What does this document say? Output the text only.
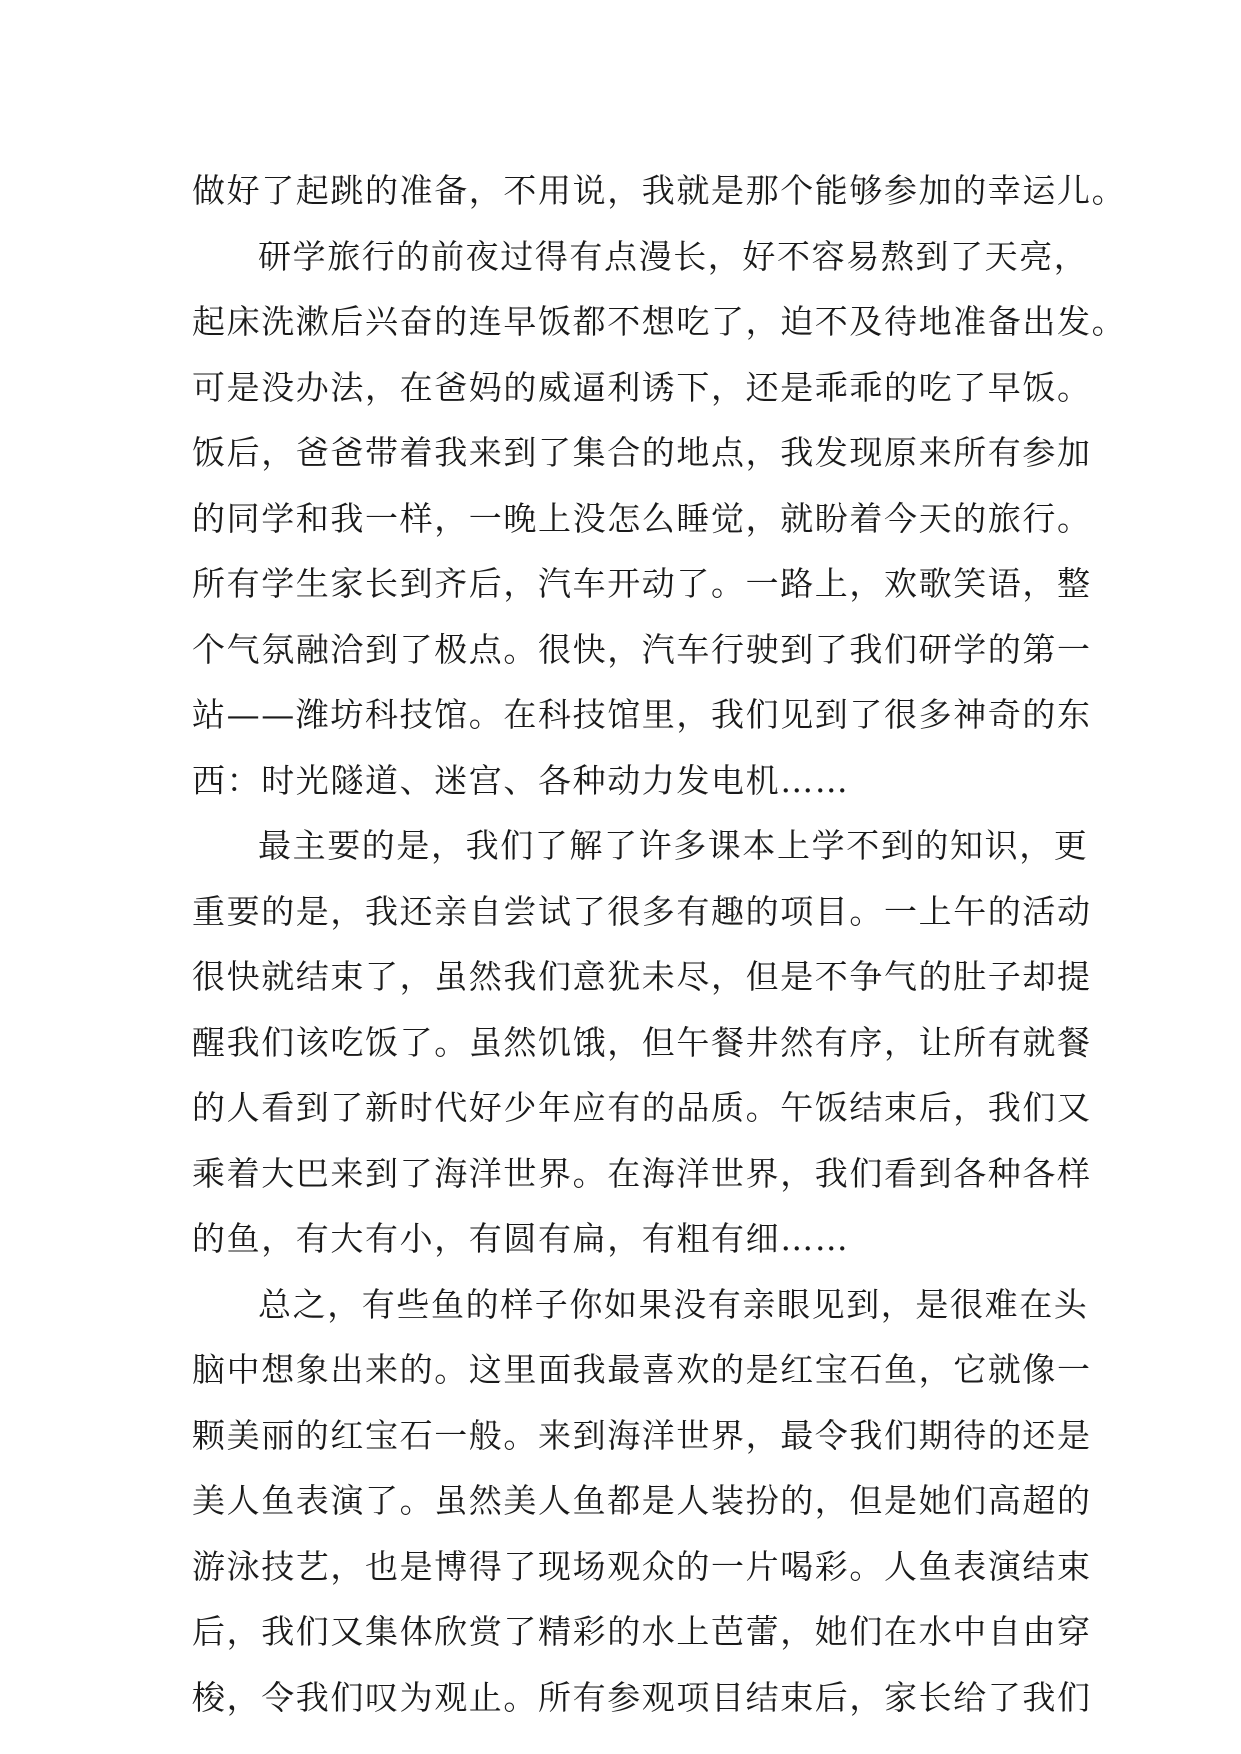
做好了起跳的准备，不用说，我就是那个能够参加的幸运儿。
研学旅行的前夜过得有点漫长，好不容易熬到了天亮，
起床洗漱后兴奋的连早饭都不想吃了，迫不及待地准备出发。
可是没办法，在爸妈的威逼利诱下，还是乖乖的吃了早饭。
饭后，爸爸带着我来到了集合的地点，我发现原来所有参加
的同学和我一样，一晚上没怎么睡觉，就盼着今天的旅行。
所有学生家长到齐后，汽车开动了。一路上，欢歌笑语，整
个气氛融洽到了极点。很快，汽车行驶到了我们研学的第一
站——潍坊科技馆。在科技馆里，我们见到了很多神奇的东
西：时光隧道、迷宫、各种动力发电机……
最主要的是，我们了解了许多课本上学不到的知识，更
重要的是，我还亲自尝试了很多有趣的项目。一上午的活动
很快就结束了，虽然我们意犹未尽，但是不争气的肚子却提
醒我们该吃饭了。虽然饥饿，但午餐井然有序，让所有就餐
的人看到了新时代好少年应有的品质。午饭结束后，我们又
乘着大巴来到了海洋世界。在海洋世界，我们看到各种各样
的鱼，有大有小，有圆有扁，有粗有细……
总之，有些鱼的样子你如果没有亲眼见到，是很难在头
脑中想象出来的。这里面我最喜欢的是红宝石鱼，它就像一
颗美丽的红宝石一般。来到海洋世界，最令我们期待的还是
美人鱼表演了。虽然美人鱼都是人装扮的，但是她们高超的
游泳技艺，也是博得了现场观众的一片喝彩。人鱼表演结束
后，我们又集体欣赏了精彩的水上芭蕾，她们在水中自由穿
梭，令我们叹为观止。所有参观项目结束后，家长给了我们
